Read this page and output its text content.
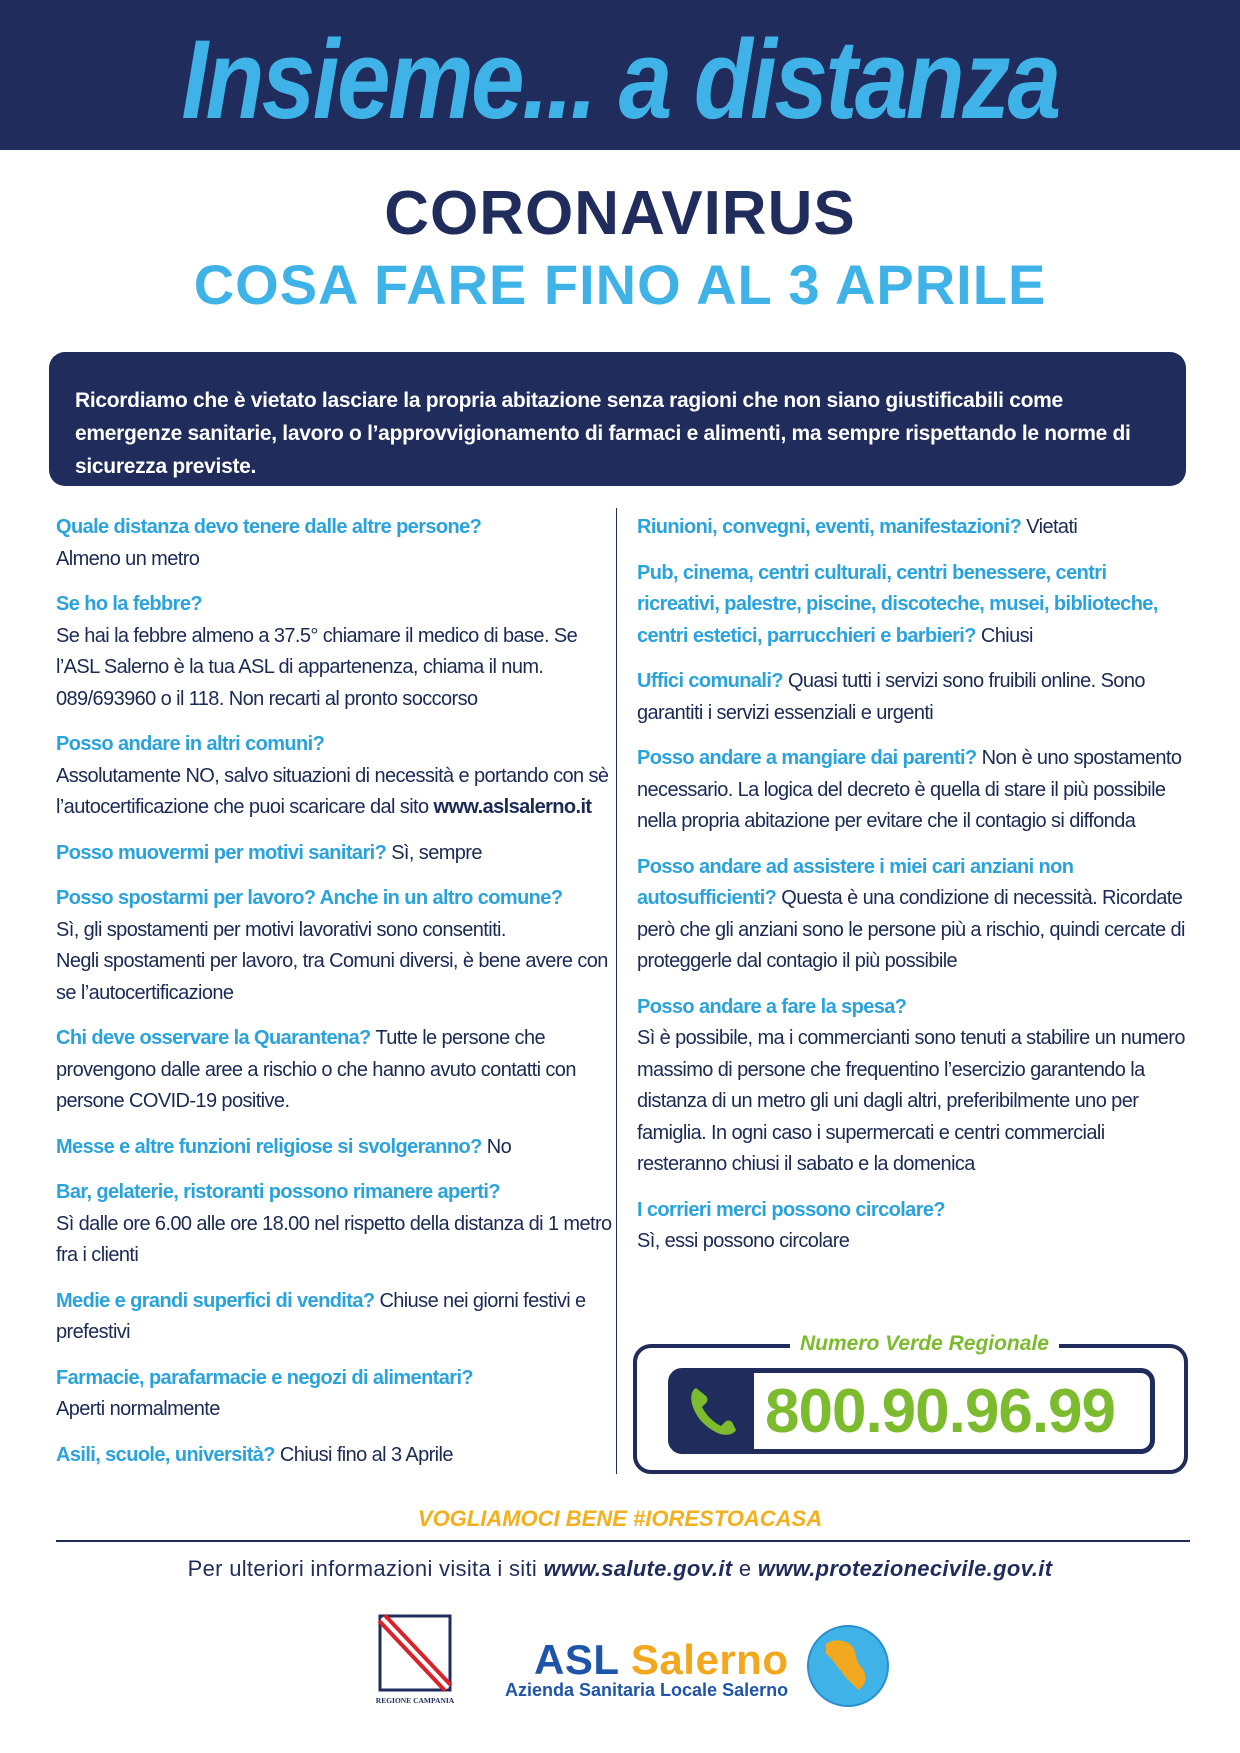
Insieme... a distanza
CORONAVIRUS
COSA FARE FINO AL 3 APRILE
Ricordiamo che è vietato lasciare la propria abitazione senza ragioni che non siano giustificabili come emergenze sanitarie, lavoro o l’approvvigionamento di farmaci e alimenti, ma sempre rispettando le norme di sicurezza previste.
Quale distanza devo tenere dalle altre persone?
Almeno un metro
Se ho la febbre?
Se hai la febbre almeno a 37.5° chiamare il medico di base. Se l’ASL Salerno è la tua ASL di appartenenza, chiama il num. 089/693960 o il 118. Non recarti al pronto soccorso
Posso andare in altri comuni?
Assolutamente NO, salvo situazioni di necessità e portando con sè l’autocertificazione che puoi scaricare dal sito www.aslsalerno.it
Posso muovermi per motivi sanitari? Sì, sempre
Posso spostarmi per lavoro? Anche in un altro comune?
Sì, gli spostamenti per motivi lavorativi sono consentiti.
Negli spostamenti per lavoro, tra Comuni diversi, è bene avere con se l’autocertificazione
Chi deve osservare la Quarantena? Tutte le persone che provengono dalle aree a rischio o che hanno avuto contatti con persone COVID-19 positive.
Messe e altre funzioni religiose si svolgeranno? No
Bar, gelaterie, ristoranti possono rimanere aperti?
Sì dalle ore 6.00 alle ore 18.00 nel rispetto della distanza di 1 metro fra i clienti
Medie e grandi superfici di vendita? Chiuse nei giorni festivi e prefestivi
Farmacie, parafarmacie e negozi di alimentari?
Aperti normalmente
Asili, scuole, università? Chiusi fino al 3 Aprile
Riunioni, convegni, eventi, manifestazioni? Vietati
Pub, cinema, centri culturali, centri benessere, centri ricreativi, palestre, piscine, discoteche, musei, biblioteche, centri estetici, parrucchieri e barbieri? Chiusi
Uffici comunali? Quasi tutti i servizi sono fruibili online. Sono garantiti i servizi essenziali e urgenti
Posso andare a mangiare dai parenti? Non è uno spostamento necessario. La logica del decreto è quella di stare il più possibile nella propria abitazione per evitare che il contagio si diffonda
Posso andare ad assistere i miei cari anziani non autosufficienti? Questa è una condizione di necessità. Ricordate però che gli anziani sono le persone più a rischio, quindi cercate di proteggerle dal contagio il più possibile
Posso andare a fare la spesa?
Sì è possibile, ma i commercianti sono tenuti a stabilire un numero massimo di persone che frequentino l’esercizio garantendo la distanza di un metro gli uni dagli altri, preferibilmente uno per famiglia. In ogni caso i supermercati e centri commerciali resteranno chiusi il sabato e la domenica
I corrieri merci possono circolare?
Sì, essi possono circolare
Numero Verde Regionale
800.90.96.99
VOGLIAMOCI BENE #IORESTOACASA
Per ulteriori informazioni visita i siti www.salute.gov.it e www.protezionecivile.gov.it
REGIONE CAMPANIA
ASL Salerno
Azienda Sanitaria Locale Salerno
